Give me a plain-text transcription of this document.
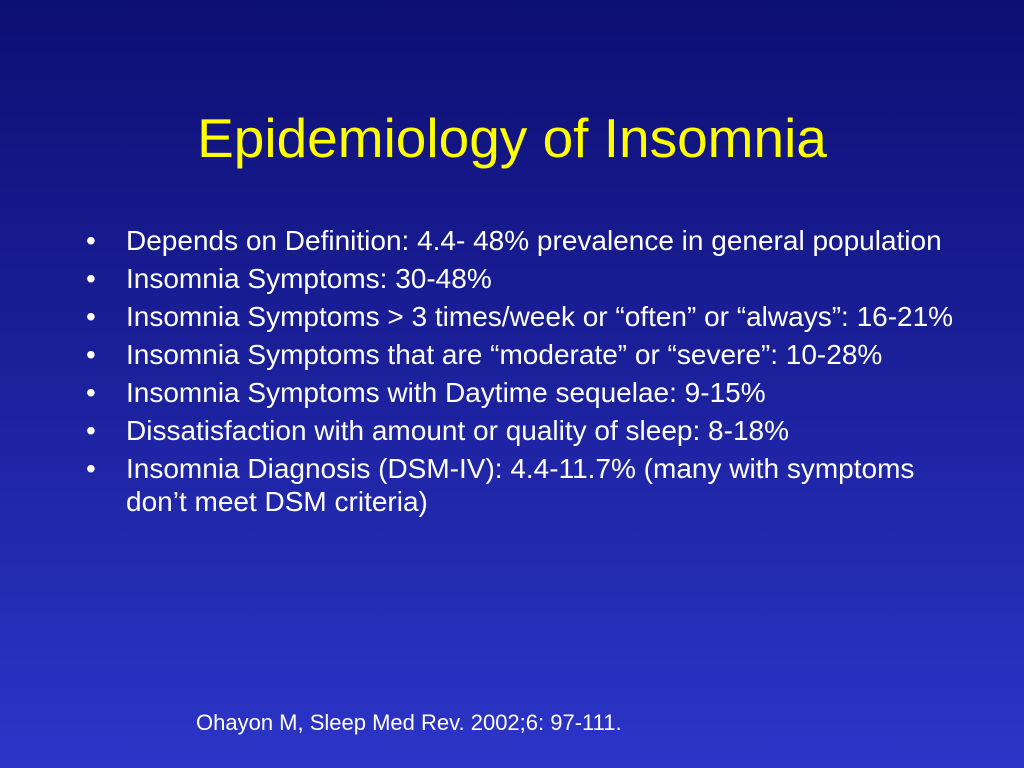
Epidemiology of Insomnia
• Depends on Definition: 4.4- 48% prevalence in general population
• Insomnia Symptoms: 30-48%
• Insomnia Symptoms > 3 times/week or “often” or “always”: 16-21%
• Insomnia Symptoms that are “moderate” or “severe”: 10-28%
• Insomnia Symptoms with Daytime sequelae: 9-15%
• Dissatisfaction with amount or quality of sleep: 8-18%
• Insomnia Diagnosis (DSM-IV): 4.4-11.7% (many with symptoms don’t meet DSM criteria)

Ohayon M, Sleep Med Rev. 2002;6: 97-111.
